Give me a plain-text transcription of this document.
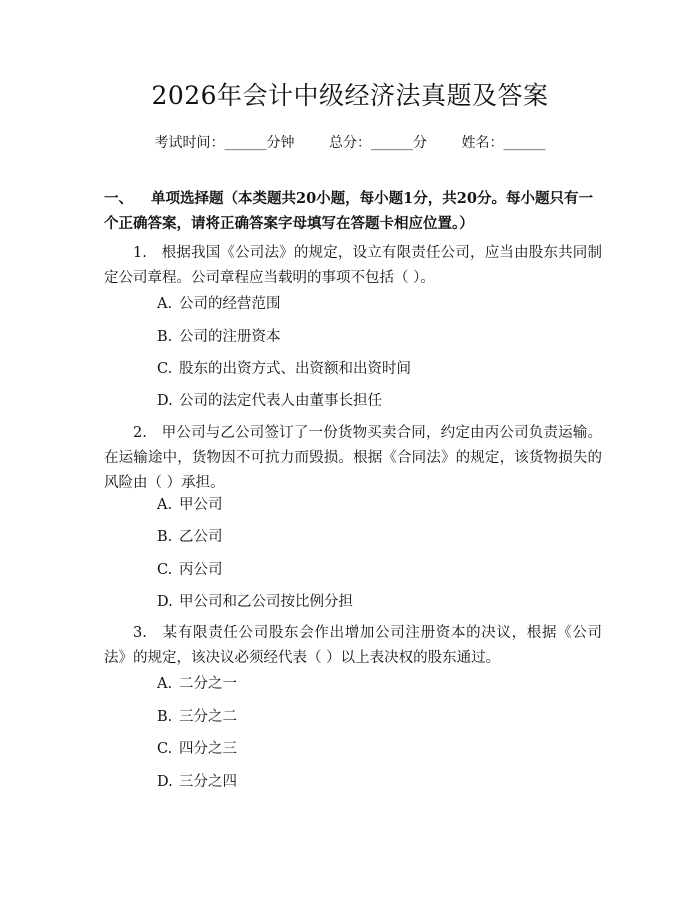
2026年会计中级经济法真题及答案
考试时间：______分钟 总分：______分 姓名：______
一、 单项选择题（本类题共20小题，每小题1分，共20分。每小题只有一个正确答案，请将正确答案字母填写在答题卡相应位置。）
1.　根据我国《公司法》的规定，设立有限责任公司，应当由股东共同制定公司章程。公司章程应当载明的事项不包括（ ）。
A. 公司的经营范围
B. 公司的注册资本
C. 股东的出资方式、出资额和出资时间
D. 公司的法定代表人由董事长担任
2.　甲公司与乙公司签订了一份货物买卖合同，约定由丙公司负责运输。在运输途中，货物因不可抗力而毁损。根据《合同法》的规定，该货物损失的风险由（ ）承担。
A. 甲公司
B. 乙公司
C. 丙公司
D. 甲公司和乙公司按比例分担
3.　某有限责任公司股东会作出增加公司注册资本的决议，根据《公司法》的规定，该决议必须经代表（ ）以上表决权的股东通过。
A. 二分之一
B. 三分之二
C. 四分之三
D. 三分之四
